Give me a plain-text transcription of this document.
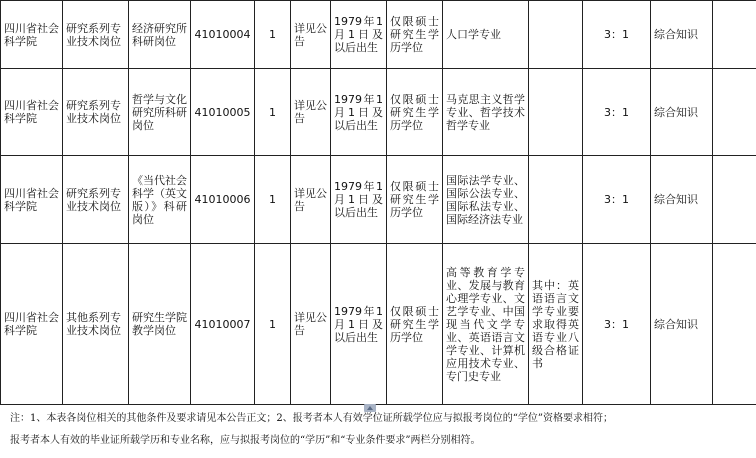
四川省社会科学院	研究系列专业技术岗位	经济研究所科研岗位	41010004	1	详见公告	1979年1月1日及以后出生	仅限硕士研究生学历学位	人口学专业		3：1	综合知识	
四川省社会科学院	研究系列专业技术岗位	哲学与文化研究所科研岗位	41010005	1	详见公告	1979年1月1日及以后出生	仅限硕士研究生学历学位	马克思主义哲学专业、哲学技术哲学专业		3：1	综合知识	
四川省社会科学院	研究系列专业技术岗位	《当代社会科学（英文版）》科研岗位	41010006	1	详见公告	1979年1月1日及以后出生	仅限硕士研究生学历学位	国际法学专业、国际公法专业、国际私法专业、国际经济法专业		3：1	综合知识	
四川省社会科学院	其他系列专业技术岗位	研究生学院教学岗位	41010007	1	详见公告	1979年1月1日及以后出生	仅限硕士研究生学历学位	高等教育学专业、发展与教育心理学专业、文艺学专业、中国现当代文学专业、英语语言文学专业、计算机应用技术专业、专门史专业	其中：英语语言文学专业要求取得英语专业八级合格证书	3：1	综合知识	
注：1、本表各岗位相关的其他条件及要求请见本公告正文；2、报考者本人有效学位证所载学位应与拟报考岗位的“学位”资格要求相符；
报考者本人有效的毕业证所载学历和专业名称，应与拟报考岗位的“学历”和“专业条件要求”两栏分别相符。
